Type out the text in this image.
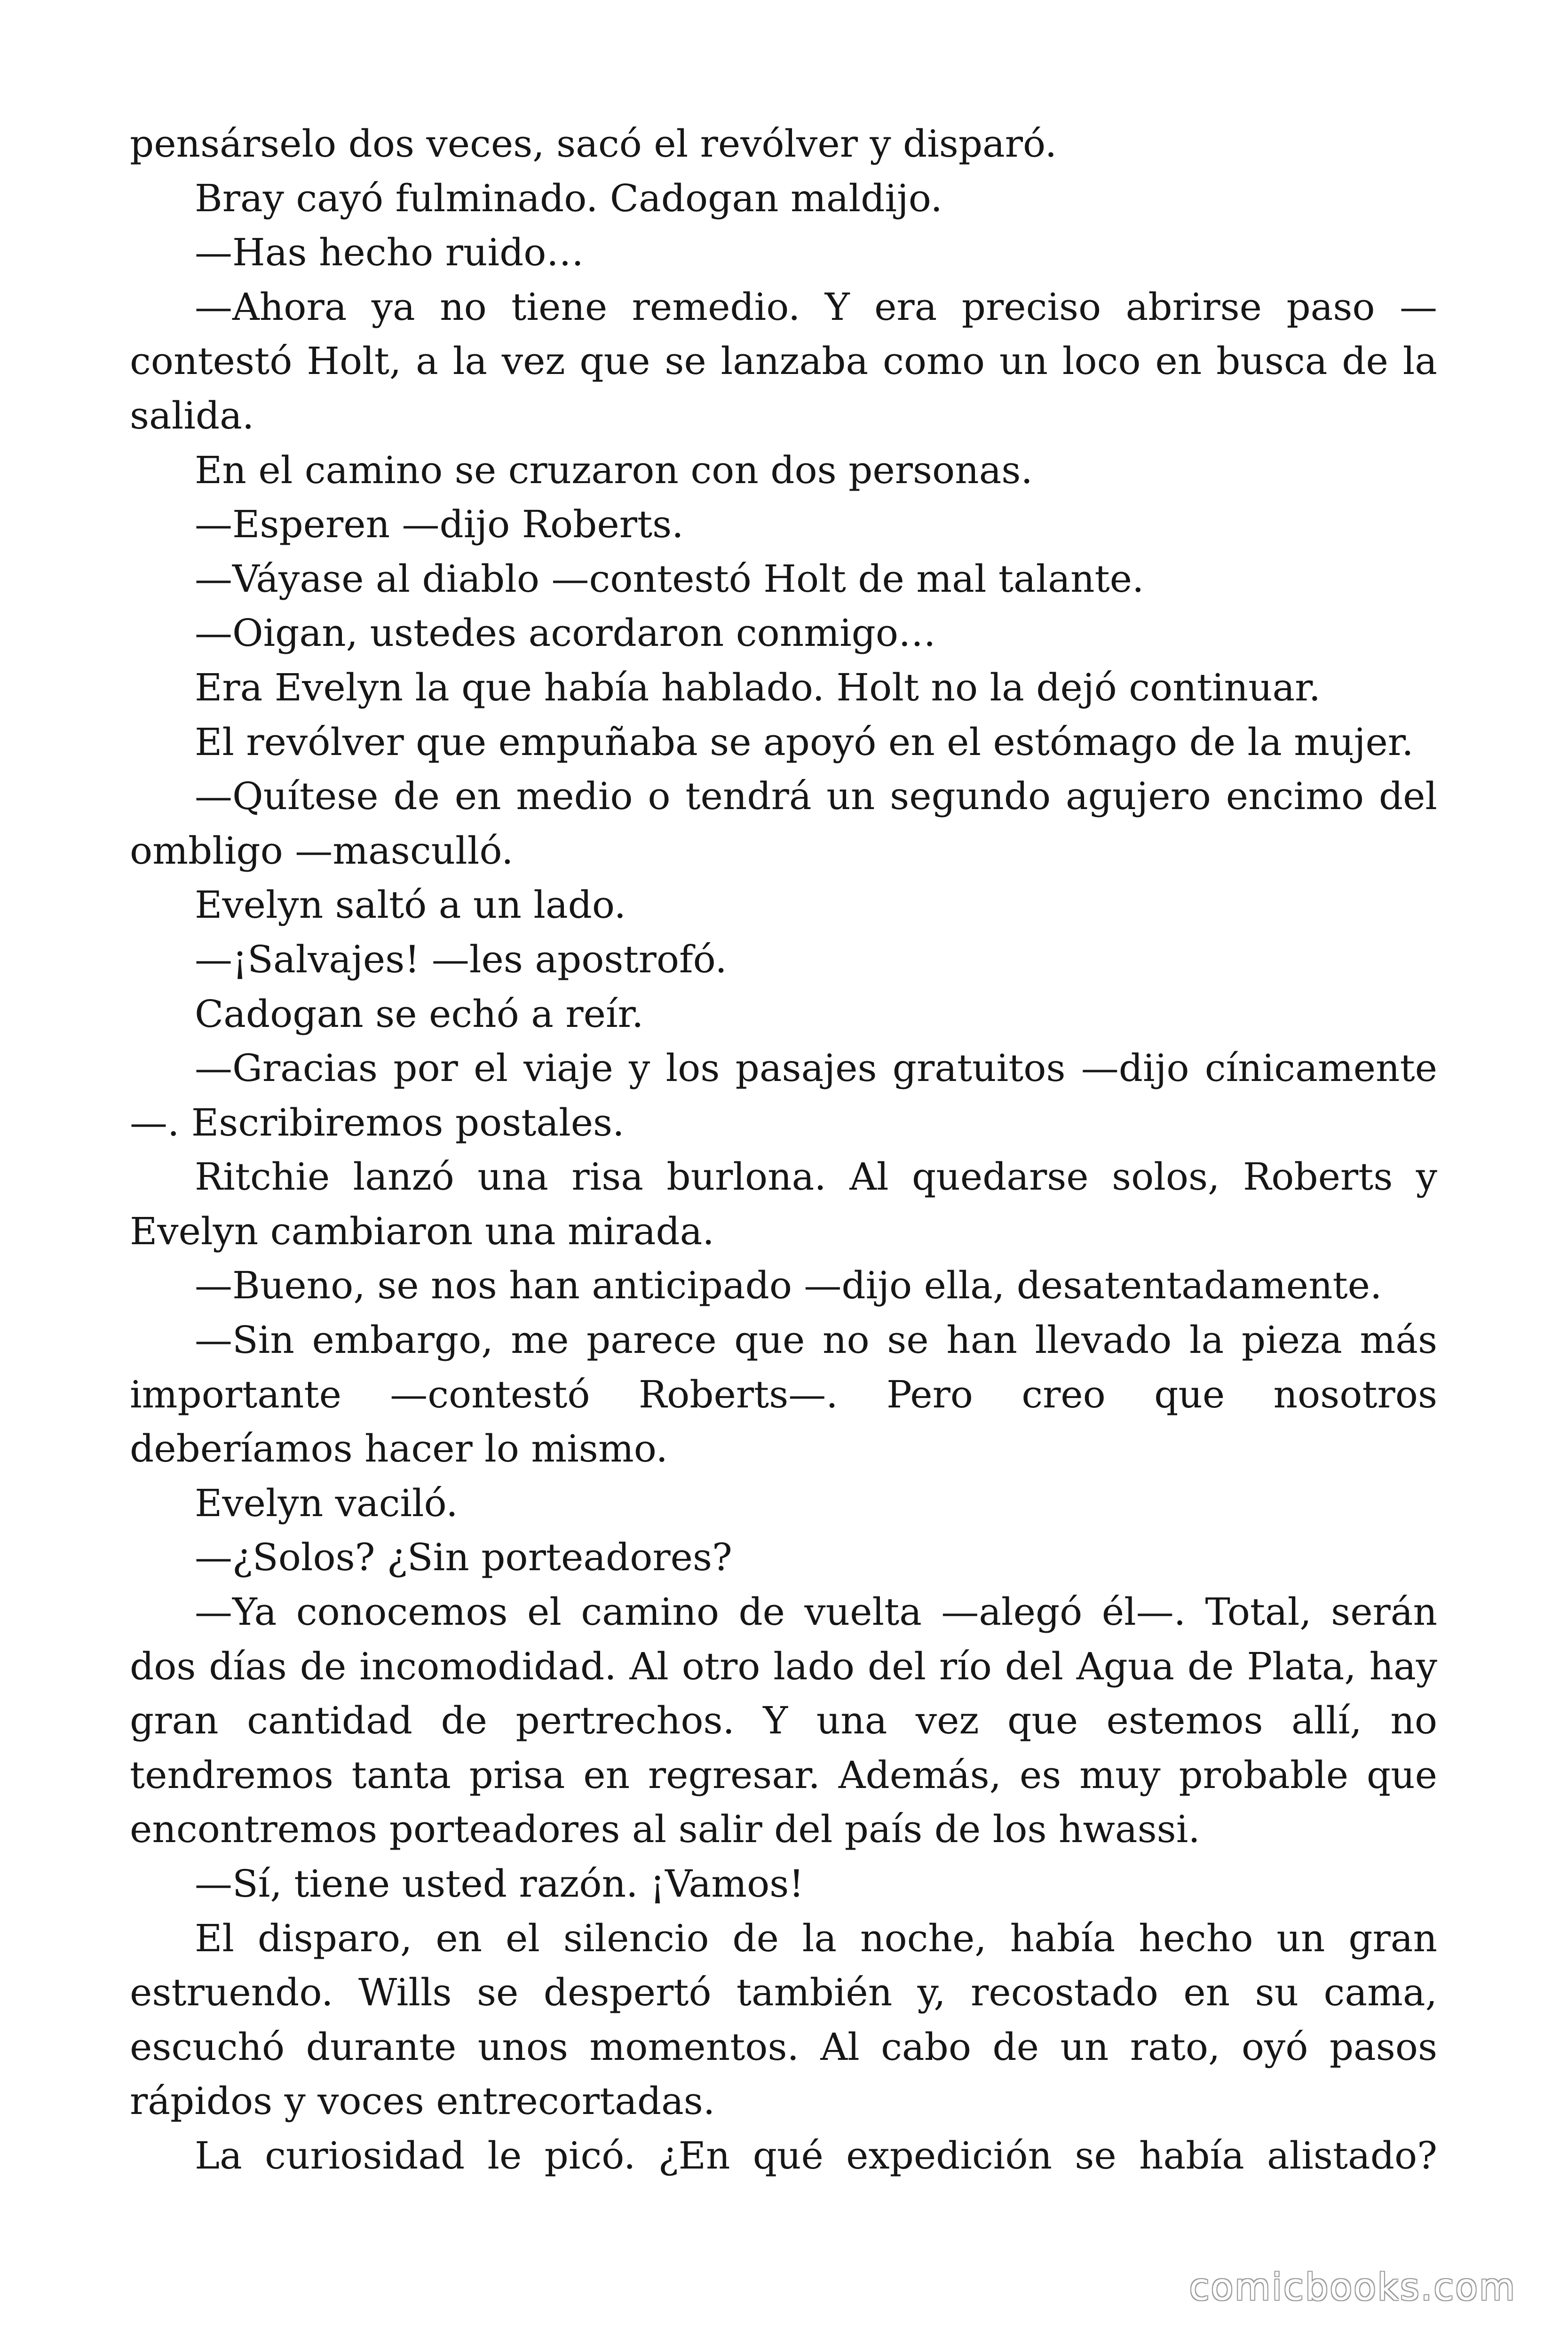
pensárselo dos veces, sacó el revólver y disparó.

Bray cayó fulminado. Cadogan maldijo.

—Has hecho ruido…

—Ahora ya no tiene remedio. Y era preciso abrirse paso —contestó Holt, a la vez que se lanzaba como un loco en busca de la salida.

En el camino se cruzaron con dos personas.

—Esperen —dijo Roberts.

—Váyase al diablo —contestó Holt de mal talante.

—Oigan, ustedes acordaron conmigo…

Era Evelyn la que había hablado. Holt no la dejó continuar.

El revólver que empuñaba se apoyó en el estómago de la mujer.

—Quítese de en medio o tendrá un segundo agujero encimo del ombligo —masculló.

Evelyn saltó a un lado.

—¡Salvajes! —les apostrofó.

Cadogan se echó a reír.

—Gracias por el viaje y los pasajes gratuitos —dijo cínicamente —. Escribiremos postales.

Ritchie lanzó una risa burlona. Al quedarse solos, Roberts y Evelyn cambiaron una mirada.

—Bueno, se nos han anticipado —dijo ella, desatentadamente.

—Sin embargo, me parece que no se han llevado la pieza más importante —contestó Roberts—. Pero creo que nosotros deberíamos hacer lo mismo.

Evelyn vaciló.

—¿Solos? ¿Sin porteadores?

—Ya conocemos el camino de vuelta —alegó él—. Total, serán dos días de incomodidad. Al otro lado del río del Agua de Plata, hay gran cantidad de pertrechos. Y una vez que estemos allí, no tendremos tanta prisa en regresar. Además, es muy probable que encontremos porteadores al salir del país de los hwassi.

—Sí, tiene usted razón. ¡Vamos!

El disparo, en el silencio de la noche, había hecho un gran estruendo. Wills se despertó también y, recostado en su cama, escuchó durante unos momentos. Al cabo de un rato, oyó pasos rápidos y voces entrecortadas.

La curiosidad le picó. ¿En qué expedición se había alistado?

comicbooks.com
